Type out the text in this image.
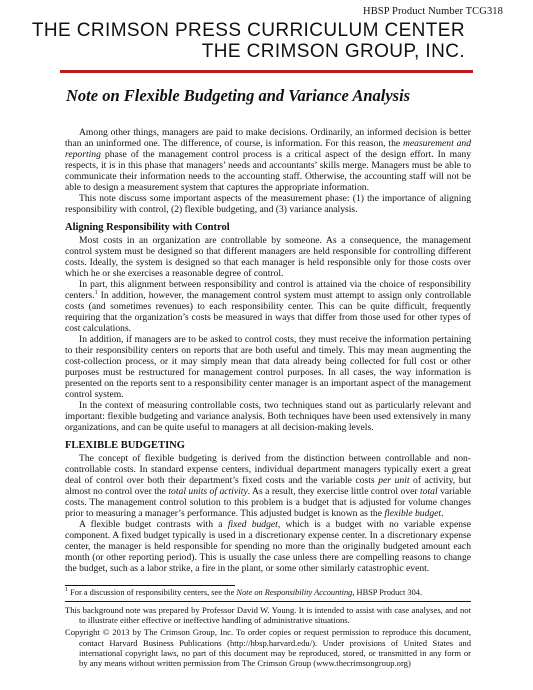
HBSP Product Number TCG318
THE CRIMSON PRESS CURRICULUM CENTER
THE CRIMSON GROUP, INC.
Note on Flexible Budgeting and Variance Analysis

Among other things, managers are paid to make decisions. Ordinarily, an informed decision is better than an uninformed one. The difference, of course, is information. For this reason, the measurement and reporting phase of the management control process is a critical aspect of the design effort. In many respects, it is in this phase that managers’ needs and accountants’ skills merge. Managers must be able to communicate their information needs to the accounting staff. Otherwise, the accounting staff will not be able to design a measurement system that captures the appropriate information.

This note discuss some important aspects of the measurement phase: (1) the importance of aligning responsibility with control, (2) flexible budgeting, and (3) variance analysis.

Aligning Responsibility with Control

Most costs in an organization are controllable by someone. As a consequence, the management control system must be designed so that different managers are held responsible for controlling different costs. Ideally, the system is designed so that each manager is held responsible only for those costs over which he or she exercises a reasonable degree of control.

In part, this alignment between responsibility and control is attained via the choice of responsibility centers.$^1$ In addition, however, the management control system must attempt to assign only controllable costs (and sometimes revenues) to each responsibility center. This can be quite difficult, frequently requiring that the organization’s costs be measured in ways that differ from those used for other types of cost calculations.

In addition, if managers are to be asked to control costs, they must receive the information pertaining to their responsibility centers on reports that are both useful and timely. This may mean augmenting the cost-collection process, or it may simply mean that data already being collected for full cost or other purposes must be restructured for management control purposes. In all cases, the way information is presented on the reports sent to a responsibility center manager is an important aspect of the management control system.

In the context of measuring controllable costs, two techniques stand out as particularly relevant and important: flexible budgeting and variance analysis. Both techniques have been used extensively in many organizations, and can be quite useful to managers at all decision-making levels.

FLEXIBLE BUDGETING

The concept of flexible budgeting is derived from the distinction between controllable and non-controllable costs. In standard expense centers, individual department managers typically exert a great deal of control over both their department’s fixed costs and the variable costs per unit of activity, but almost no control over the total units of activity. As a result, they exercise little control over total variable costs. The management control solution to this problem is a budget that is adjusted for volume changes prior to measuring a manager’s performance. This adjusted budget is known as the flexible budget.

A flexible budget contrasts with a fixed budget, which is a budget with no variable expense component. A fixed budget typically is used in a discretionary expense center. In a discretionary expense center, the manager is held responsible for spending no more than the originally budgeted amount each month (or other reporting period). This is usually the case unless there are compelling reasons to change the budget, such as a labor strike, a fire in the plant, or some other similarly catastrophic event.

$^1$ For a discussion of responsibility centers, see the Note on Responsibility Accounting, HBSP Product 304.

This background note was prepared by Professor David W. Young. It is intended to assist with case analyses, and not to illustrate either effective or ineffective handling of administrative situations.

Copyright © 2013 by The Crimson Group, Inc. To order copies or request permission to reproduce this document, contact Harvard Business Publications (http://hbsp.harvard.edu/). Under provisions of United States and international copyright laws, no part of this document may be reproduced, stored, or transmitted in any form or by any means without written permission from The Crimson Group (www.thecrimsongroup.org)
